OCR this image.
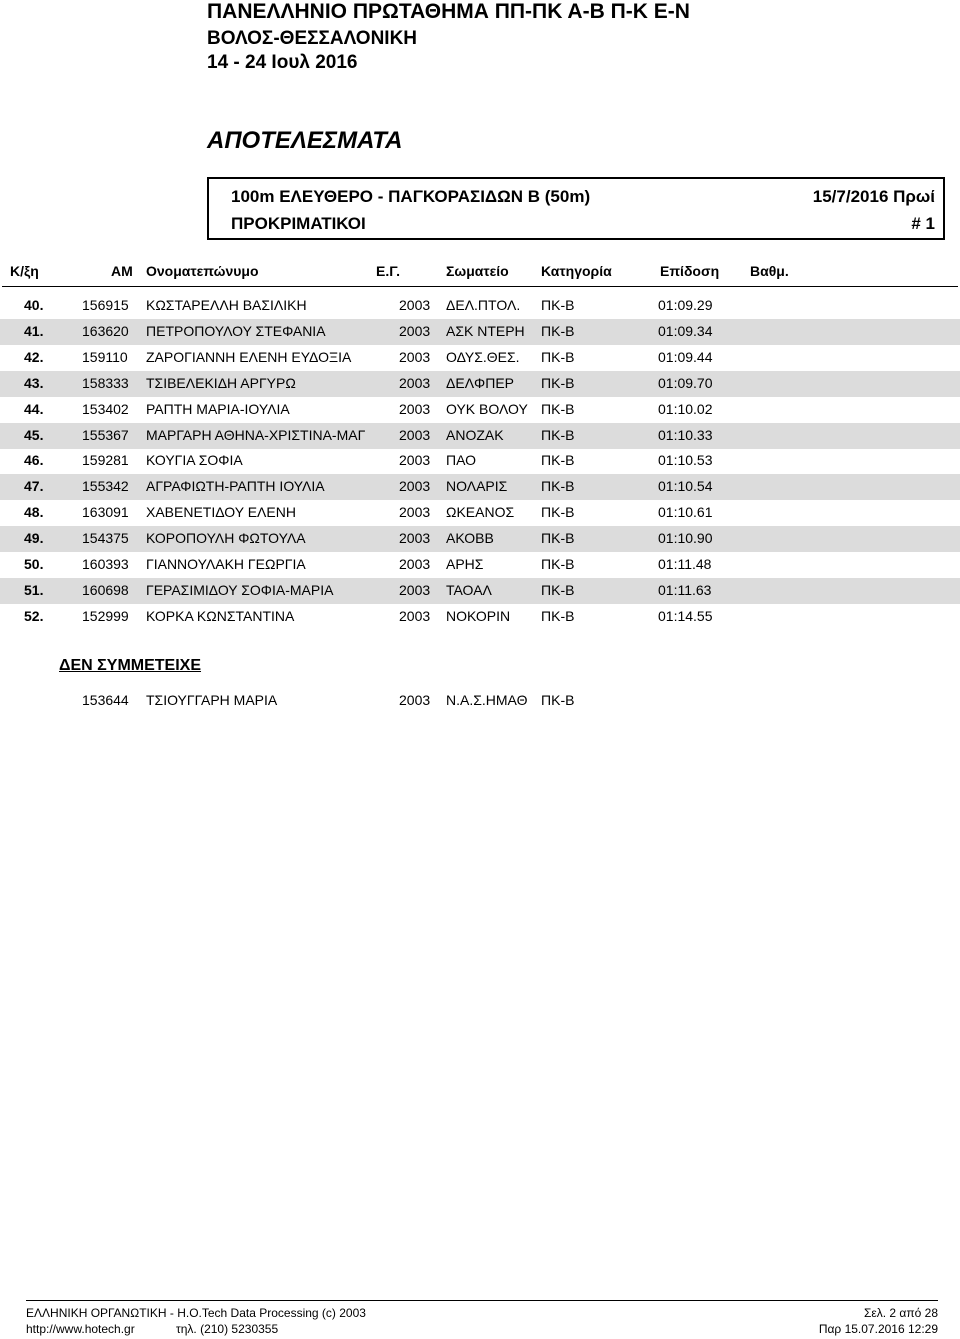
ΠΑΝΕΛΛΗΝΙΟ ΠΡΩΤΑΘΗΜΑ ΠΠ-ΠΚ Α-Β Π-Κ Ε-Ν
ΒΟΛΟΣ-ΘΕΣΣΑΛΟΝΙΚΗ
14 - 24 Ιουλ 2016
ΑΠΟΤΕΛΕΣΜΑΤΑ
100m ΕΛΕΥΘΕΡΟ - ΠΑΓΚΟΡΑΣΙΔΩΝ Β (50m)	15/7/2016 Πρωί
ΠΡΟΚΡΙΜΑΤΙΚΟΙ	# 1
Κ/ξη	ΑΜ Ονοματεπώνυμο	Ε.Γ.	Σωματείο Κατηγορία	Επίδοση Βαθμ.
40.	156915 ΚΩΣΤΑΡΕΛΛΗ ΒΑΣΙΛΙΚΗ	2003 ΔΕΛ.ΠΤΟΛ. ΠΚ-Β	01:09.29
41.	163620 ΠΕΤΡΟΠΟΥΛΟΥ ΣΤΕΦΑΝΙΑ	2003 ΑΣΚ ΝΤΕΡΗ ΠΚ-Β	01:09.34
42.	159110 ΖΑΡΟΓΙΑΝΝΗ ΕΛΕΝΗ ΕΥΔΟΞΙΑ	2003 ΟΔΥΣ.ΘΕΣ. ΠΚ-Β	01:09.44
43.	158333 ΤΣΙΒΕΛΕΚΙΔΗ ΑΡΓΥΡΩ	2003 ΔΕΛΦΠΕΡ ΠΚ-Β	01:09.70
44.	153402 ΡΑΠΤΗ ΜΑΡΙΑ-ΙΟΥΛΙΑ	2003 ΟΥΚ ΒΟΛΟΥ ΠΚ-Β	01:10.02
45.	155367 ΜΑΡΓΑΡΗ ΑΘΗΝΑ-ΧΡΙΣΤΙΝΑ-ΜΑΓ 2003 ΑΝΟΖΑΚ	ΠΚ-Β	01:10.33
46.	159281 ΚΟΥΓΙΑ ΣΟΦΙΑ	2003 ΠΑΟ	ΠΚ-Β	01:10.53
47.	155342 ΑΓΡΑΦΙΩΤΗ-ΡΑΠΤΗ ΙΟΥΛΙΑ	2003 ΝΟΛΑΡΙΣ ΠΚ-Β	01:10.54
48.	163091 ΧΑΒΕΝΕΤΙΔΟΥ ΕΛΕΝΗ	2003 ΩΚΕΑΝΟΣ ΠΚ-Β	01:10.61
49.	154375 ΚΟΡΟΠΟΥΛΗ ΦΩΤΟΥΛΑ	2003 ΑΚΟΒΒ	ΠΚ-Β	01:10.90
50.	160393 ΓΙΑΝΝΟΥΛΑΚΗ ΓΕΩΡΓΙΑ	2003 ΑΡΗΣ	ΠΚ-Β	01:11.48
51.	160698 ΓΕΡΑΣΙΜΙΔΟΥ ΣΟΦΙΑ-ΜΑΡΙΑ	2003 ΤΑΟΑΛ	ΠΚ-Β	01:11.63
52.	152999 ΚΟΡΚΑ ΚΩΝΣΤΑΝΤΙΝΑ	2003 ΝΟΚΟΡΙΝ ΠΚ-Β	01:14.55
ΔΕΝ ΣΥΜΜΕΤΕΙΧΕ
153644 ΤΣΙΟΥΓΓΑΡΗ ΜΑΡΙΑ	2003 Ν.Α.Σ.ΗΜΑΘ ΠΚ-Β
ΕΛΛΗΝΙΚΗ ΟΡΓΑΝΩΤΙΚΗ - Η.Ο.Tech Data Processing (c) 2003
http://www.hotech.gr	τηλ. (210) 5230355
Σελ. 2 από 28
Παρ 15.07.2016 12:29
